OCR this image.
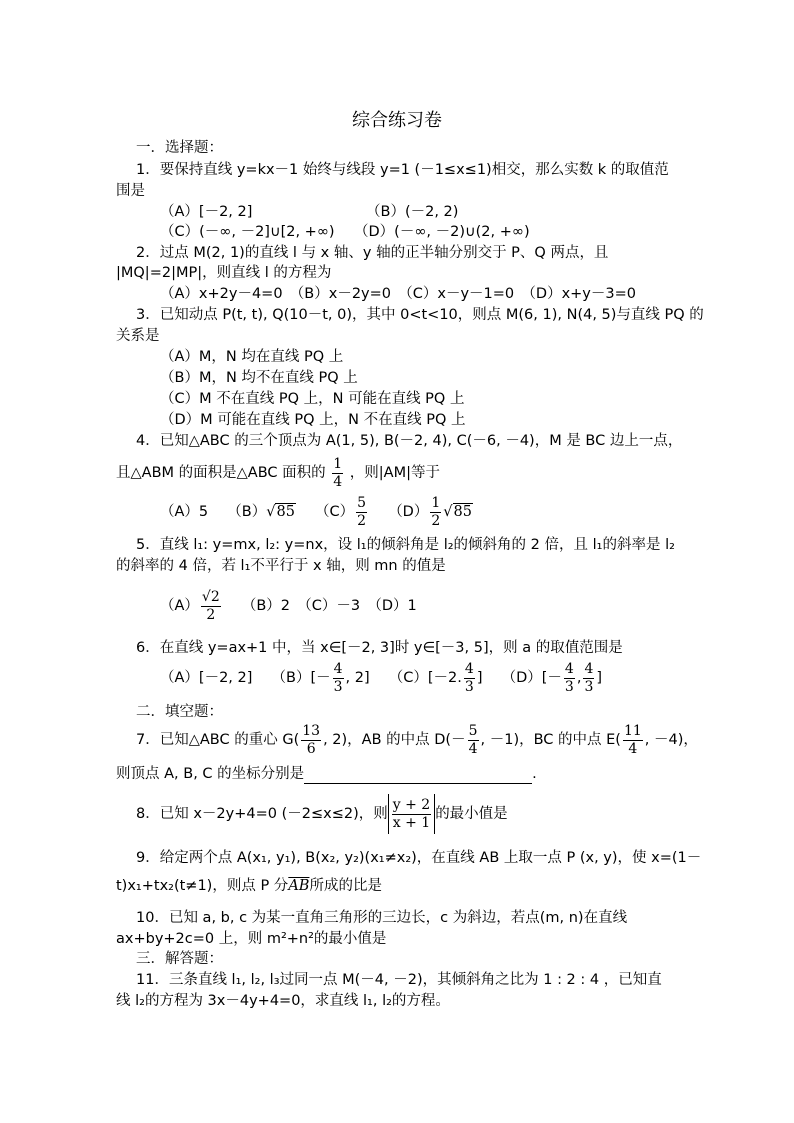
综合练习卷
一．选择题：
1．要保持直线 y=kx－1 始终与线段 y=1 (－1≤x≤1)相交，那么实数 k 的取值范
围是
（A）[－2, 2]	（B）(－2, 2)
（C）(－∞, －2]∪[2, +∞) （D）(－∞, －2)∪(2, +∞)
2．过点 M(2, 1)的直线 l 与 x 轴、y 轴的正半轴分别交于 P、Q 两点，且
|MQ|=2|MP|，则直线 l 的方程为
（A）x+2y－4=0　（B）x－2y=0　（C）x－y－1=0　（D）x+y－3=0
3．已知动点 P(t, t), Q(10－t, 0)，其中 0<t<10，则点 M(6, 1), N(4, 5)与直线 PQ 的
关系是
（A）M，N 均在直线 PQ 上
（B）M，N 均不在直线 PQ 上
（C）M 不在直线 PQ 上，N 可能在直线 PQ 上
（D）M 可能在直线 PQ 上，N 不在直线 PQ 上
4．已知△ABC 的三个顶点为 A(1, 5), B(－2, 4), C(－6, －4)，M 是 BC 边上一点，
且△ABM 的面积是△ABC 面积的 $\frac{1}{4}$ ，则|AM|等于
（A）5　 （B）√85　 $(C) \frac{5}{2}$
　 $(D) \frac{1}{2} √85$
5．直线 l₁: y=mx, l₂: y=nx，设 l₁的倾斜角是 l₂的倾斜角的 2 倍，且 l₁的斜率是 l₂
的斜率的 4 倍，若 l₁不平行于 x 轴，则 mn 的值是
$(A) \frac{√2}{2}$
　 （B）2　（C）－3　（D）1
6．在直线 y=ax+1 中，当 x∈[－2, 3]时 y∈[－3, 5]，则 a 的取值范围是
（A）[－2, 2]　 $(B)[- \frac{4}{3}$ , 2]　 （C）[－2. $\frac{4}{3}$ ]　 $(D)[- \frac{4}{3}$ , $\frac{4}{3}$ ]
二．填空题：
7．已知△ABC 的重心 $G( \frac{13}{6}$ , 2)，AB 的中点 $D(- \frac{5}{4}$ , －1)，BC 的中点 $E( \frac{11}{4}$ , －4)，
则顶点 A, B, C 的坐标分别是	.
8．已知 x－2y+4=0 (－2≤x≤2)，则 $\frac{y + 2}{x + 1}$ 的最小值是
9．给定两个点 A(x₁, y₁), B(x₂, y₂)(x₁≠x₂)，在直线 AB 上取一点 P (x, y)，使 x=(1－
t)x₁+tx₂(t≠1)，则点 P 分$\overline{AB}$所成的比是
10．已知 a, b, c 为某一直角三角形的三边长，c 为斜边，若点(m, n)在直线
ax+by+2c=0 上，则 m²+n²的最小值是
三．解答题：
11．三条直线 l₁, l₂, l₃过同一点 M(－4, －2)，其倾斜角之比为 1 : 2 : 4 ，已知直
线 l₂的方程为 3x－4y+4=0，求直线 l₁, l₂的方程。
